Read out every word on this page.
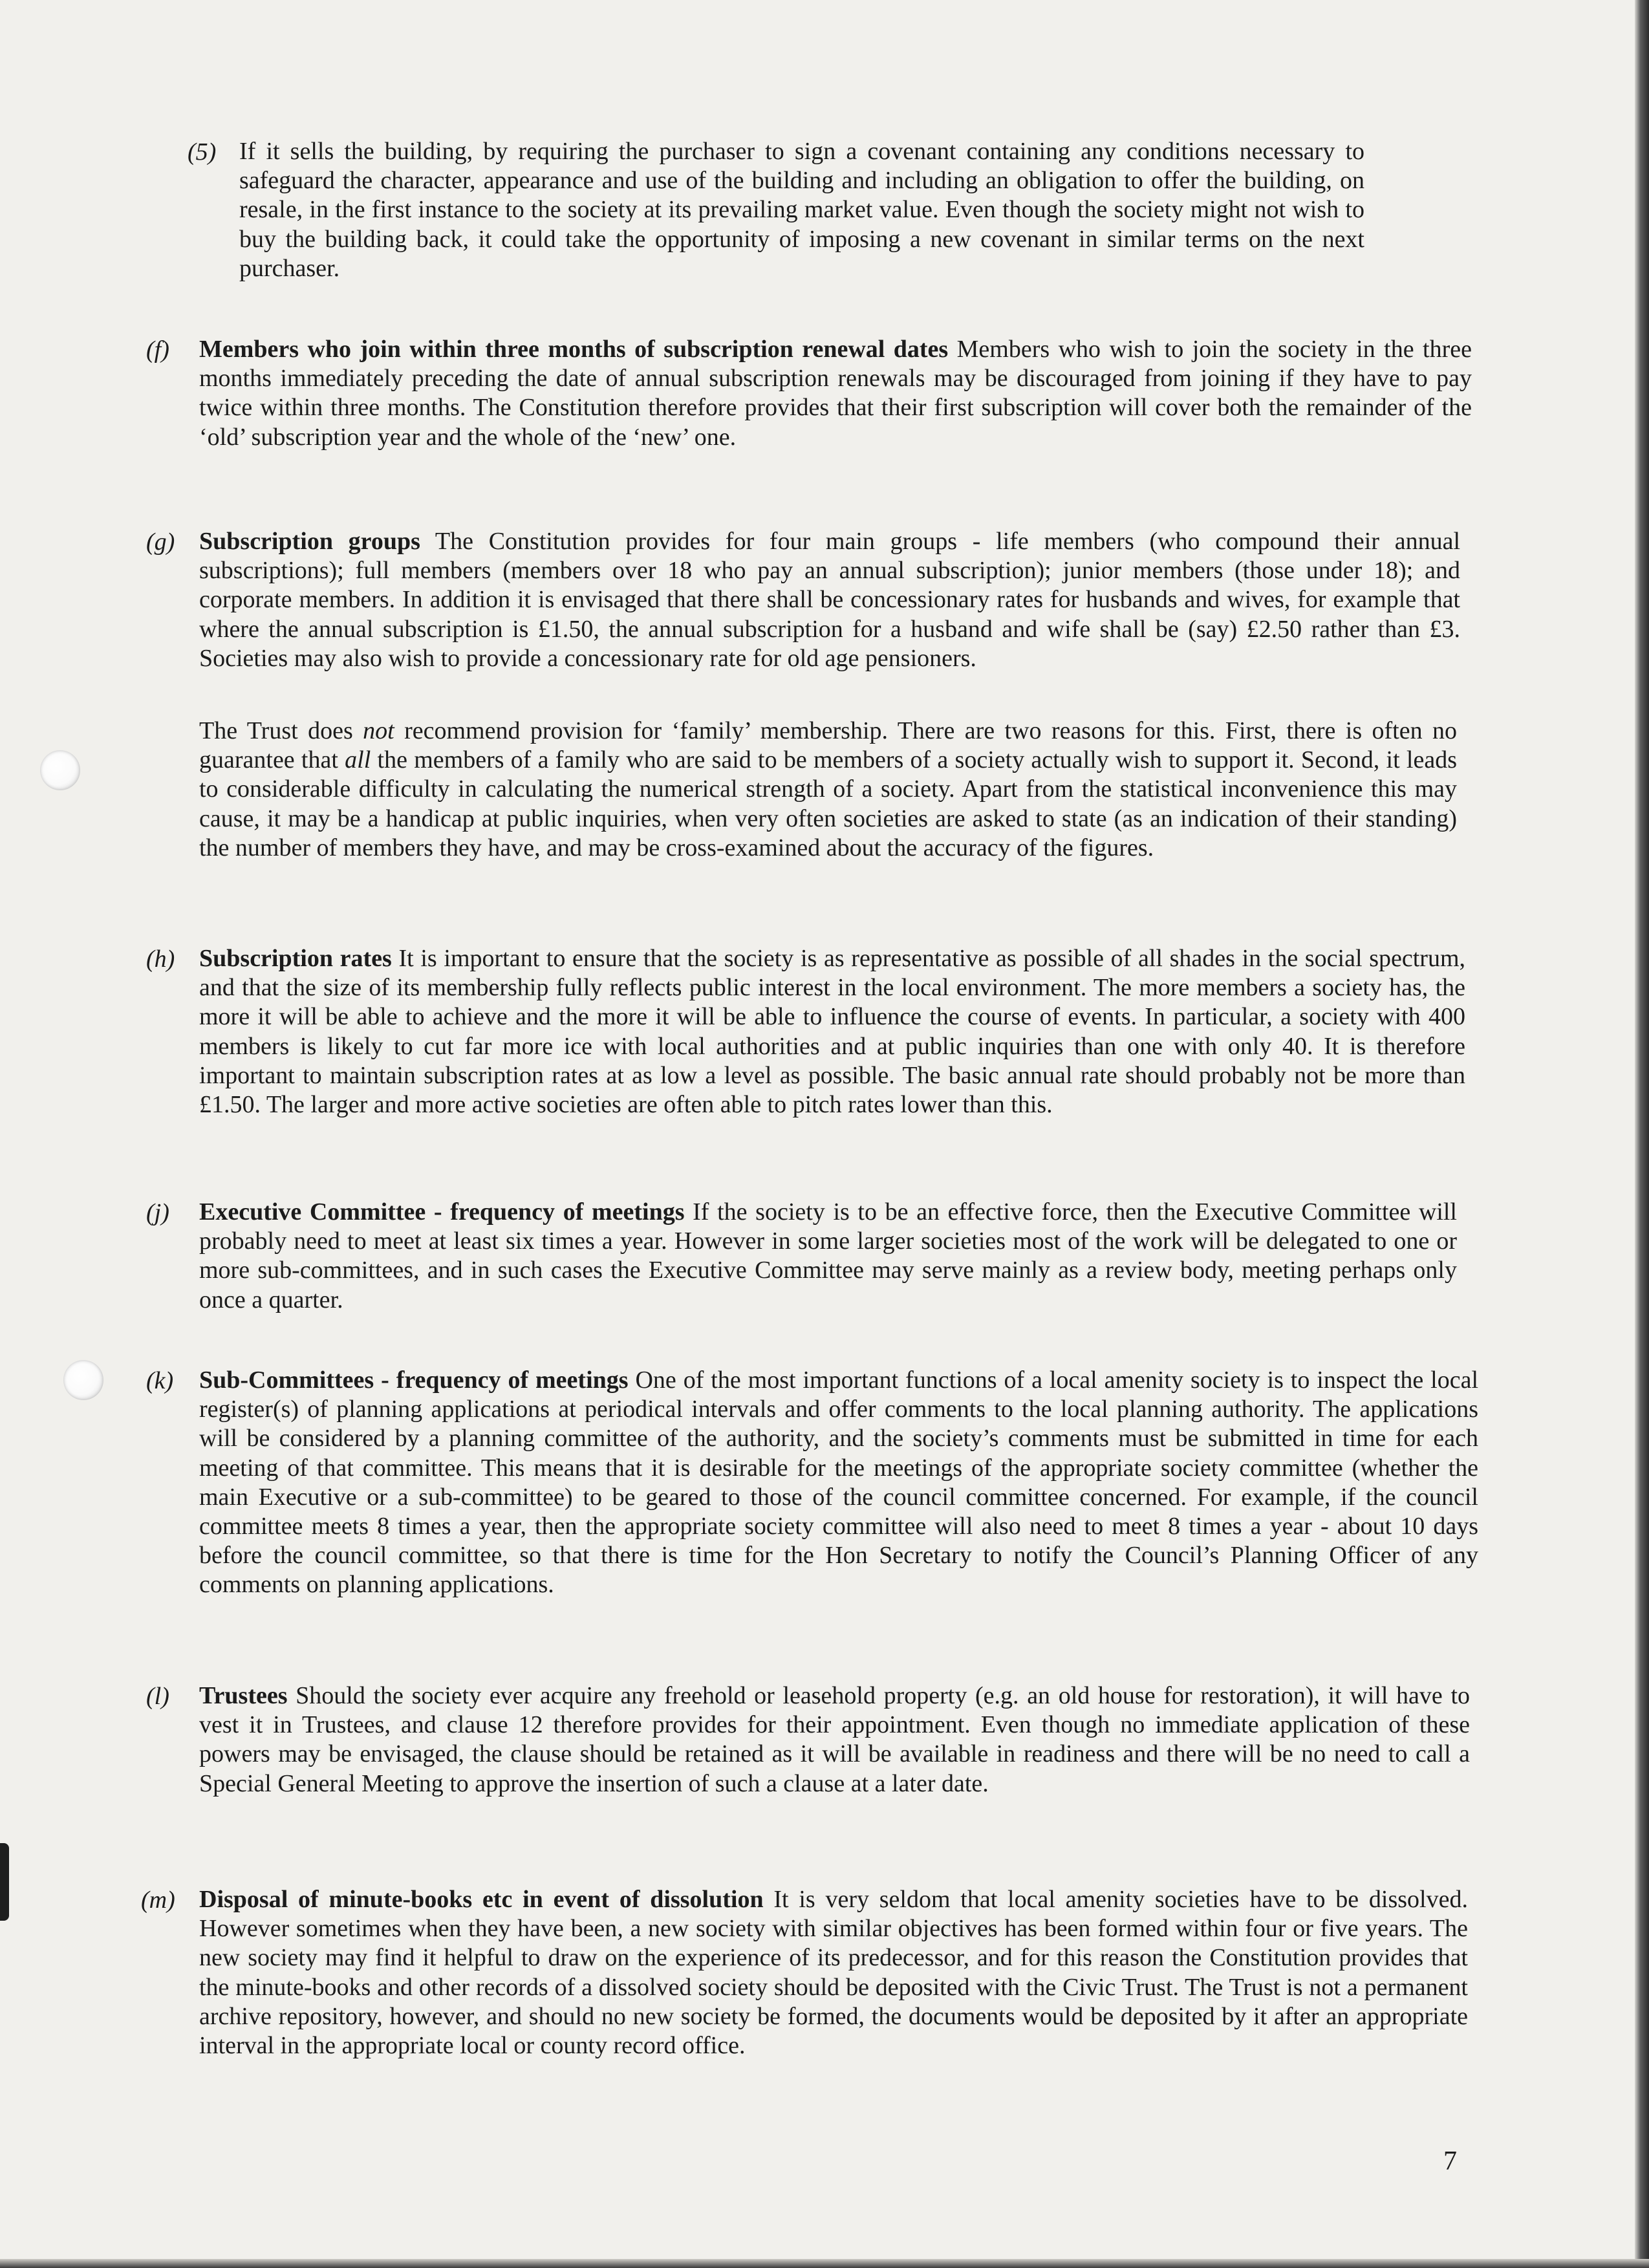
(5) If it sells the building, by requiring the purchaser to sign a covenant containing any conditions necessary to safeguard the character, appearance and use of the building and including an obligation to offer the building, on resale, in the first instance to the society at its prevailing market value. Even though the society might not wish to buy the building back, it could take the opportunity of imposing a new covenant in similar terms on the next purchaser.
(f) Members who join within three months of subscription renewal dates Members who wish to join the society in the three months immediately preceding the date of annual subscription renewals may be discouraged from joining if they have to pay twice within three months. The Constitution therefore provides that their first subscription will cover both the remainder of the ‘old’ subscription year and the whole of the ‘new’ one.
(g) Subscription groups The Constitution provides for four main groups - life members (who compound their annual subscriptions); full members (members over 18 who pay an annual subscription); junior members (those under 18); and corporate members. In addition it is envisaged that there shall be concessionary rates for husbands and wives, for example that where the annual subscription is £1.50, the annual subscription for a husband and wife shall be (say) £2.50 rather than £3. Societies may also wish to provide a concessionary rate for old age pensioners.
The Trust does not recommend provision for ‘family’ membership. There are two reasons for this. First, there is often no guarantee that all the members of a family who are said to be members of a society actually wish to support it. Second, it leads to considerable difficulty in calculating the numerical strength of a society. Apart from the statistical inconvenience this may cause, it may be a handicap at public inquiries, when very often societies are asked to state (as an indication of their standing) the number of members they have, and may be cross-examined about the accuracy of the figures.
(h) Subscription rates It is important to ensure that the society is as representative as possible of all shades in the social spectrum, and that the size of its membership fully reflects public interest in the local environment. The more members a society has, the more it will be able to achieve and the more it will be able to influence the course of events. In particular, a society with 400 members is likely to cut far more ice with local authorities and at public inquiries than one with only 40. It is therefore important to maintain subscription rates at as low a level as possible. The basic annual rate should probably not be more than £1.50. The larger and more active societies are often able to pitch rates lower than this.
(j) Executive Committee - frequency of meetings If the society is to be an effective force, then the Executive Committee will probably need to meet at least six times a year. However in some larger societies most of the work will be delegated to one or more sub-committees, and in such cases the Executive Committee may serve mainly as a review body, meeting perhaps only once a quarter.
(k) Sub-Committees - frequency of meetings One of the most important functions of a local amenity society is to inspect the local register(s) of planning applications at periodical intervals and offer comments to the local planning authority. The applications will be considered by a planning committee of the authority, and the society’s comments must be submitted in time for each meeting of that committee. This means that it is desirable for the meetings of the appropriate society committee (whether the main Executive or a sub-committee) to be geared to those of the council committee concerned. For example, if the council committee meets 8 times a year, then the appropriate society committee will also need to meet 8 times a year - about 10 days before the council committee, so that there is time for the Hon Secretary to notify the Council’s Planning Officer of any comments on planning applications.
(l) Trustees Should the society ever acquire any freehold or leasehold property (e.g. an old house for restoration), it will have to vest it in Trustees, and clause 12 therefore provides for their appointment. Even though no immediate application of these powers may be envisaged, the clause should be retained as it will be available in readiness and there will be no need to call a Special General Meeting to approve the insertion of such a clause at a later date.
(m) Disposal of minute-books etc in event of dissolution It is very seldom that local amenity societies have to be dissolved. However sometimes when they have been, a new society with similar objectives has been formed within four or five years. The new society may find it helpful to draw on the experience of its predecessor, and for this reason the Constitution provides that the minute-books and other records of a dissolved society should be deposited with the Civic Trust. The Trust is not a permanent archive repository, however, and should no new society be formed, the documents would be deposited by it after an appropriate interval in the appropriate local or county record office.
7
